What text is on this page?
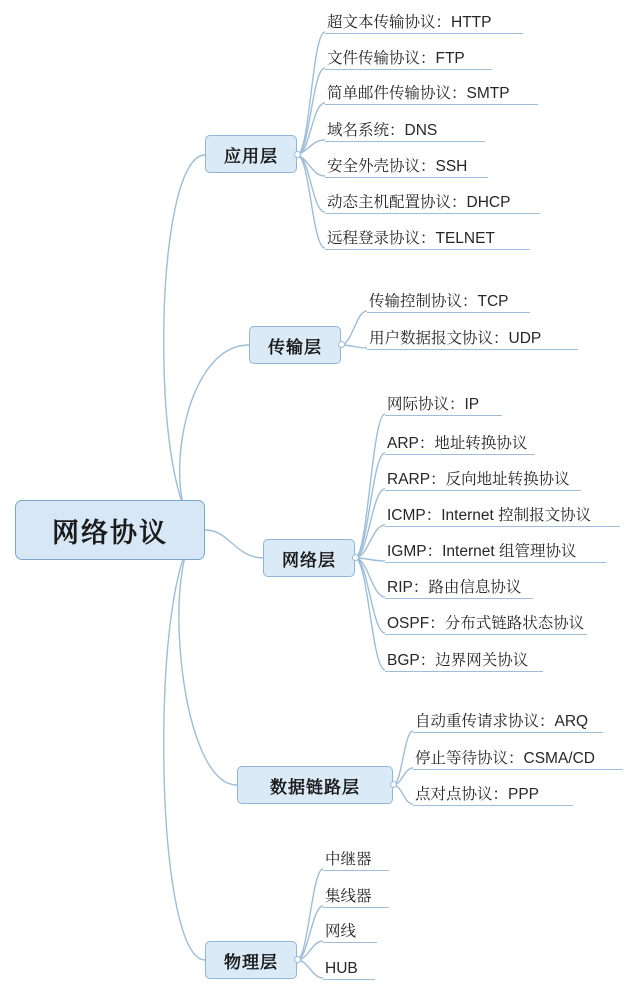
网络协议
应用层
超文本传输协议：HTTP
文件传输协议：FTP
简单邮件传输协议：SMTP
域名系统：DNS
安全外壳协议：SSH
动态主机配置协议：DHCP
远程登录协议：TELNET
传输层
传输控制协议：TCP
用户数据报文协议：UDP
网络层
网际协议：IP
ARP：地址转换协议
RARP：反向地址转换协议
ICMP：Internet 控制报文协议
IGMP：Internet 组管理协议
RIP：路由信息协议
OSPF：分布式链路状态协议
BGP：边界网关协议
数据链路层
自动重传请求协议：ARQ
停止等待协议：CSMA/CD
点对点协议：PPP
物理层
中继器
集线器
网线
HUB
